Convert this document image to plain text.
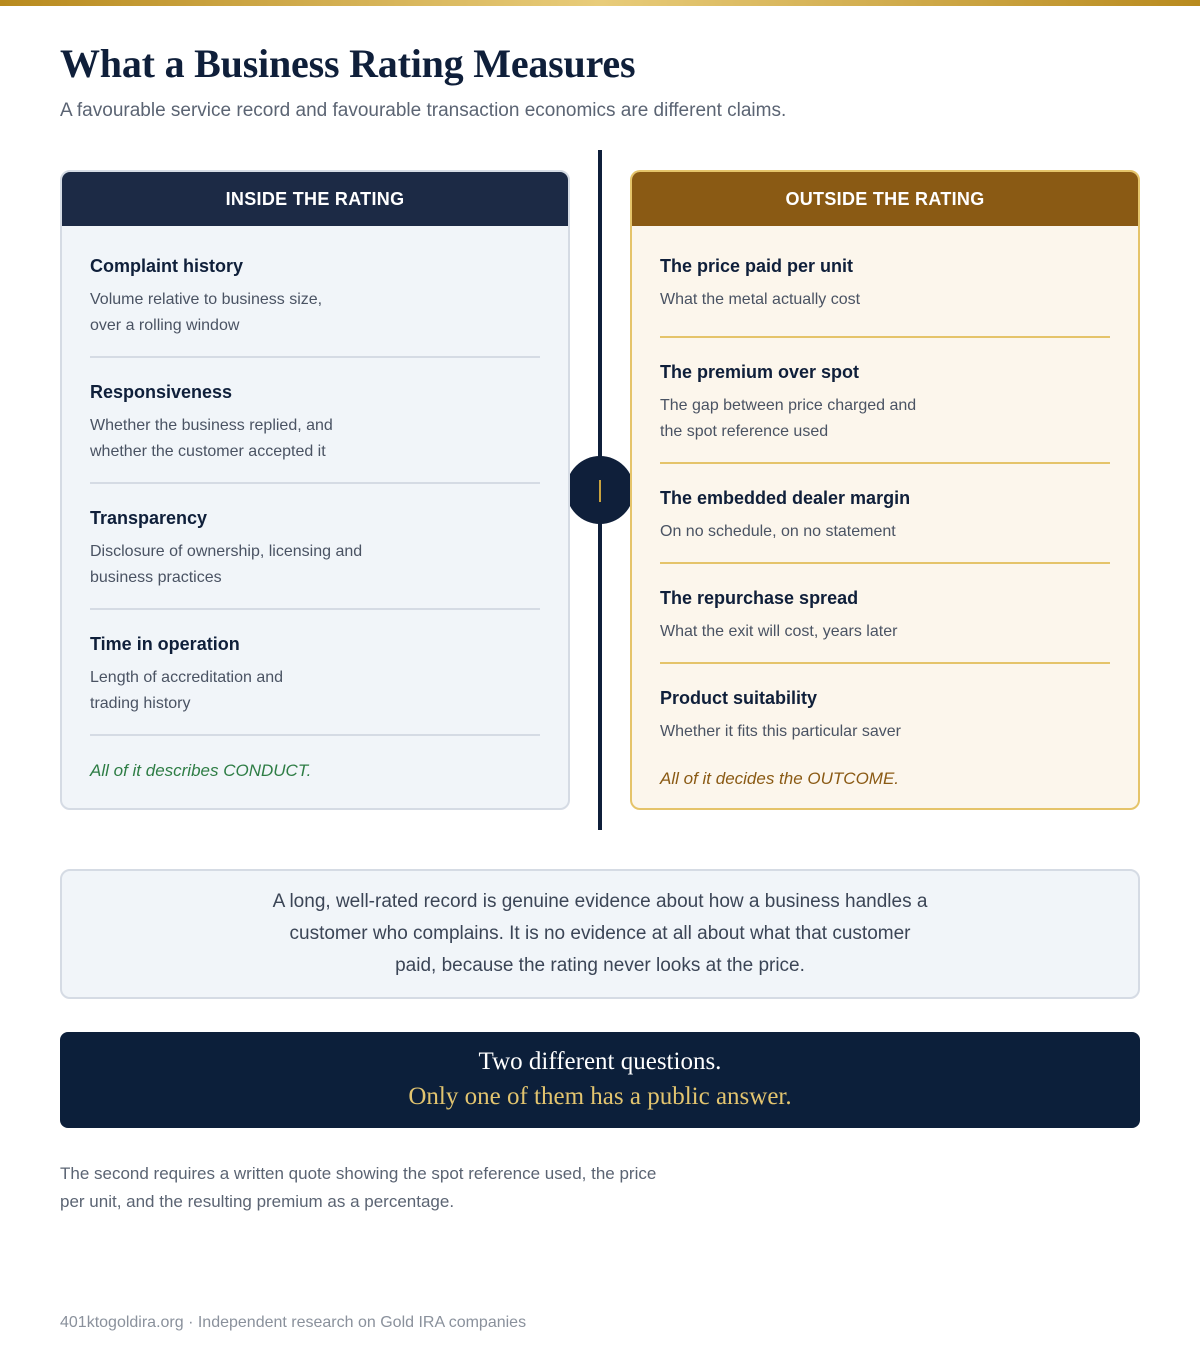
What a Business Rating Measures

A favourable service record and favourable transaction economics are different claims.

INSIDE THE RATING
Complaint history
Volume relative to business size, over a rolling window
Responsiveness
Whether the business replied, and whether the customer accepted it
Transparency
Disclosure of ownership, licensing and business practices
Time in operation
Length of accreditation and trading history
All of it describes CONDUCT.
OUTSIDE THE RATING
The price paid per unit
What the metal actually cost
The premium over spot
The gap between price charged and the spot reference used
The embedded dealer margin
On no schedule, on no statement
The repurchase spread
What the exit will cost, years later
Product suitability
Whether it fits this particular saver
All of it decides the OUTCOME.

A long, well-rated record is genuine evidence about how a business handles a customer who complains. It is no evidence at all about what that customer paid, because the rating never looks at the price.

Two different questions.
Only one of them has a public answer.

The second requires a written quote showing the spot reference used, the price per unit, and the resulting premium as a percentage.

401ktogoldira.org · Independent research on Gold IRA companies
